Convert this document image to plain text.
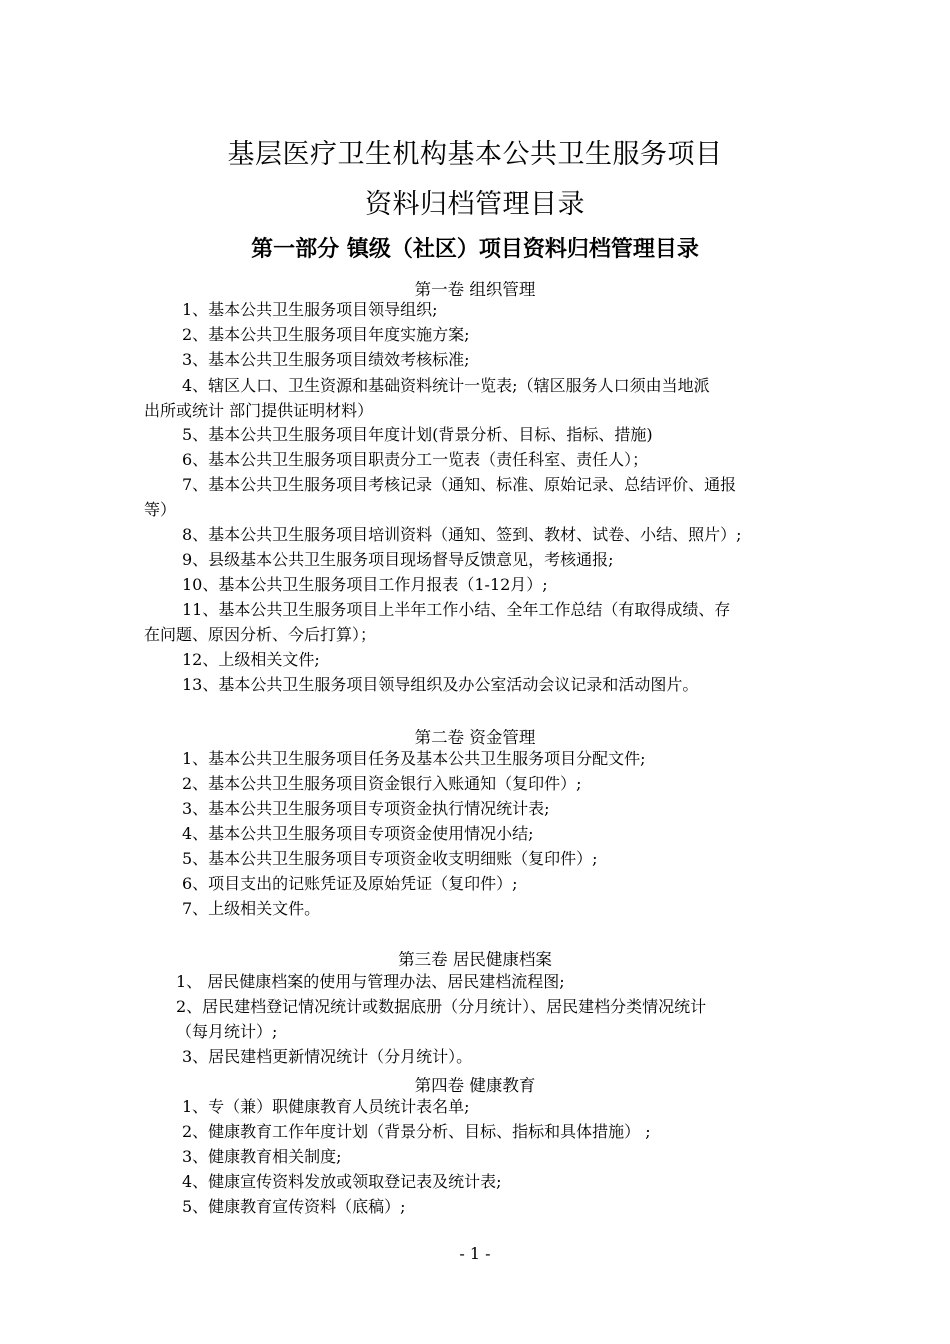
基层医疗卫生机构基本公共卫生服务项目
资料归档管理目录
第一部分 镇级（社区）项目资料归档管理目录
第一卷 组织管理
1、基本公共卫生服务项目领导组织;
2、基本公共卫生服务项目年度实施方案;
3、基本公共卫生服务项目绩效考核标准;
4、辖区人口、卫生资源和基础资料统计一览表;（辖区服务人口须由当地派
出所或统计 部门提供证明材料）
5、基本公共卫生服务项目年度计划(背景分析、目标、指标、措施)
6、基本公共卫生服务项目职责分工一览表（责任科室、责任人）；
7、基本公共卫生服务项目考核记录（通知、标准、原始记录、总结评价、通报
等）
8、基本公共卫生服务项目培训资料（通知、签到、教材、试卷、小结、照片）;
9、县级基本公共卫生服务项目现场督导反馈意见，考核通报;
10、基本公共卫生服务项目工作月报表（1-12月）;
11、基本公共卫生服务项目上半年工作小结、全年工作总结（有取得成绩、存
在问题、原因分析、今后打算）；
12、上级相关文件;
13、基本公共卫生服务项目领导组织及办公室活动会议记录和活动图片。
第二卷 资金管理
1、基本公共卫生服务项目任务及基本公共卫生服务项目分配文件;
2、基本公共卫生服务项目资金银行入账通知（复印件）;
3、基本公共卫生服务项目专项资金执行情况统计表;
4、基本公共卫生服务项目专项资金使用情况小结;
5、基本公共卫生服务项目专项资金收支明细账（复印件）;
6、项目支出的记账凭证及原始凭证（复印件）;
7、上级相关文件。
第三卷 居民健康档案
1、 居民健康档案的使用与管理办法、居民建档流程图;
2、居民建档登记情况统计或数据底册（分月统计）、居民建档分类情况统计
（每月统计）;
3、居民建档更新情况统计（分月统计）。
第四卷 健康教育
1、专（兼）职健康教育人员统计表名单;
2、健康教育工作年度计划（背景分析、目标、指标和具体措施） ;
3、健康教育相关制度;
4、健康宣传资料发放或领取登记表及统计表;
5、健康教育宣传资料（底稿）;
- 1 -
